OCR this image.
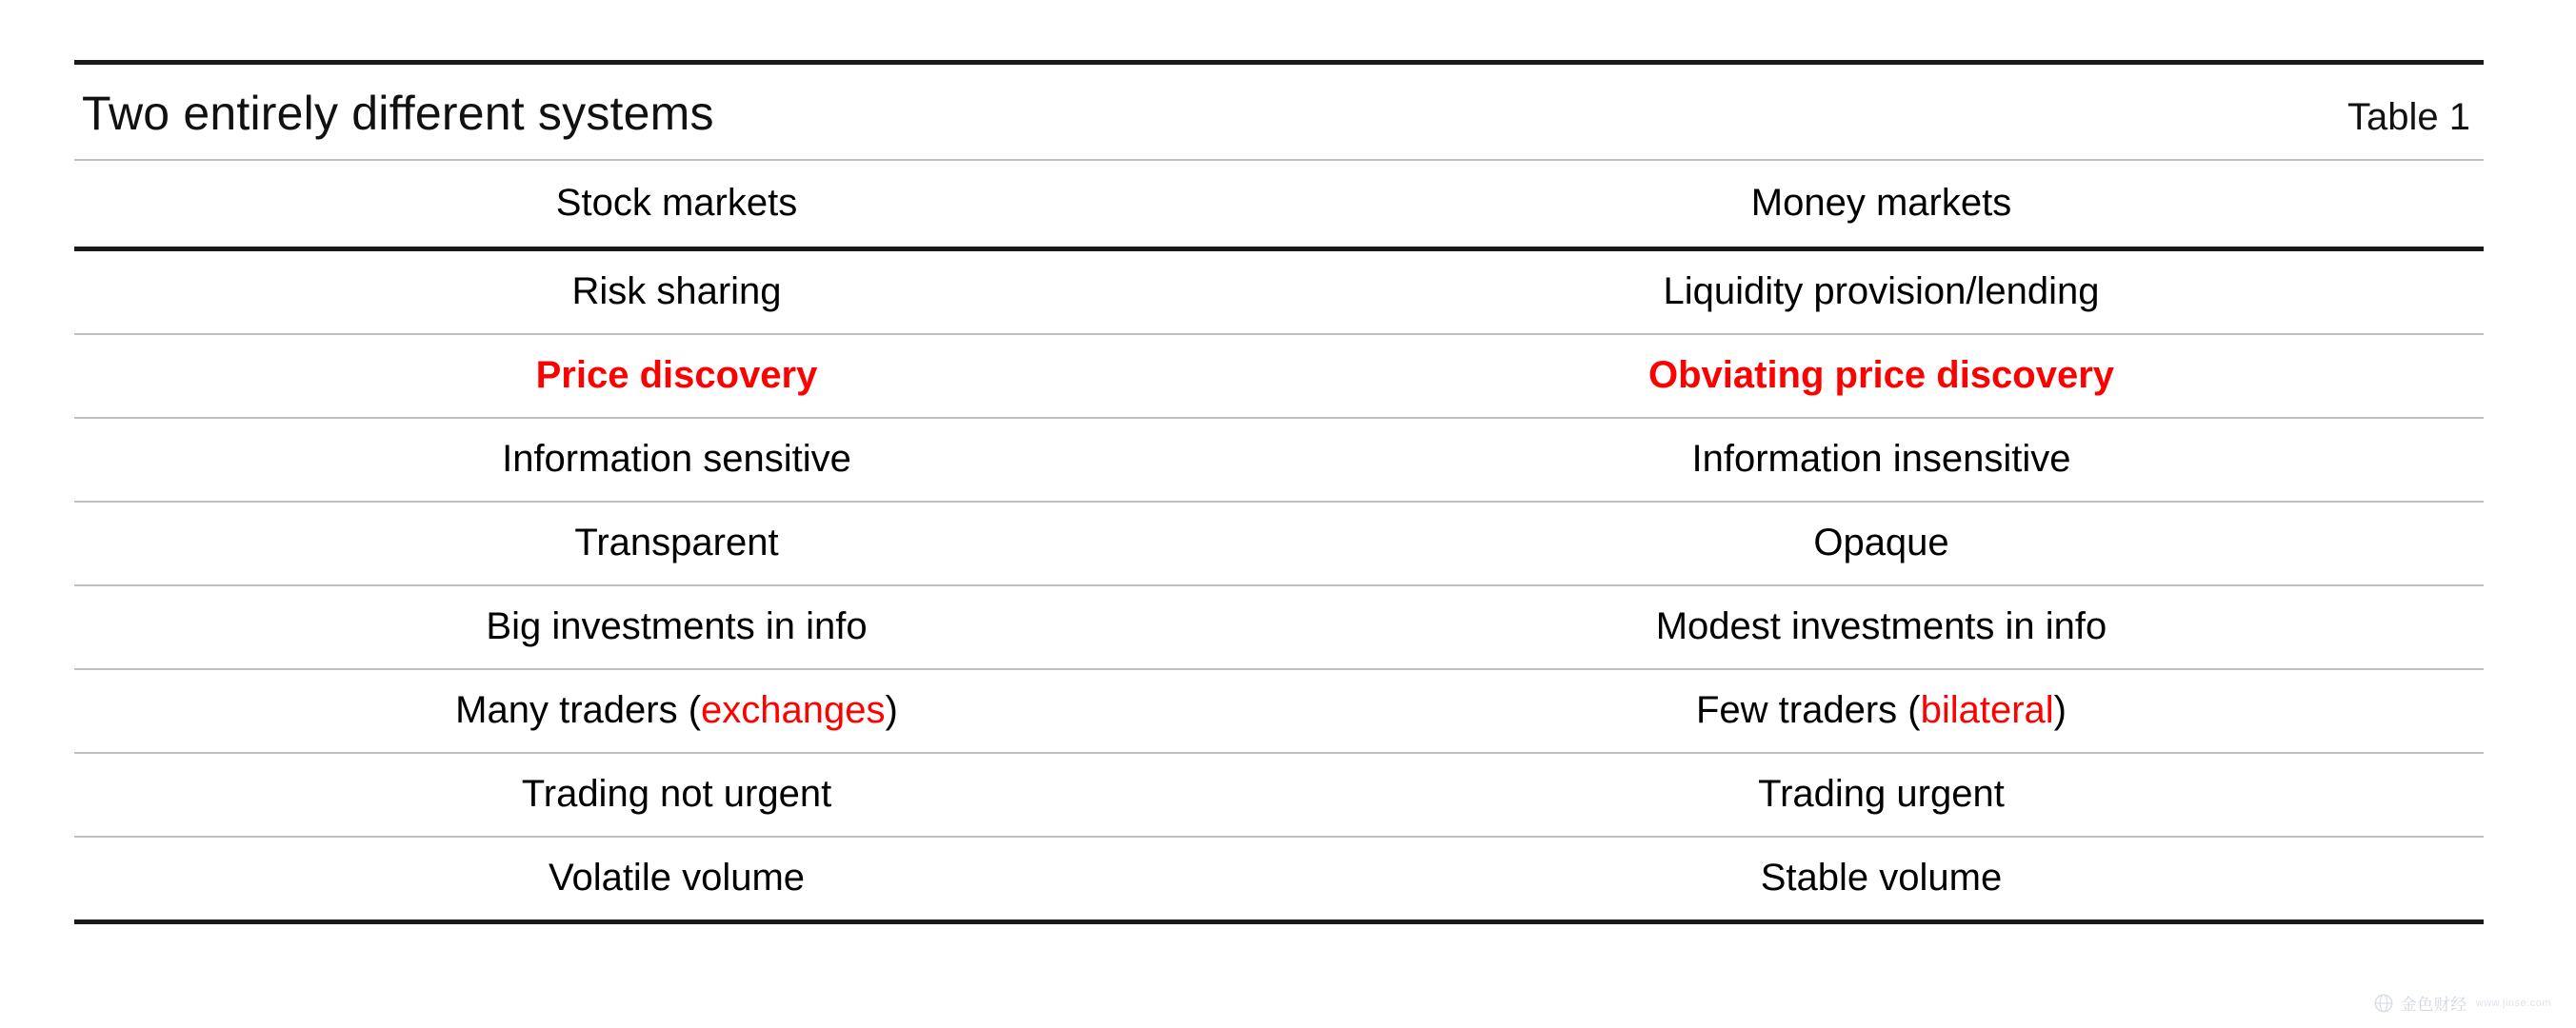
Two entirely different systems	Table 1
Stock markets	Money markets
Risk sharing	Liquidity provision/lending
Price discovery	Obviating price discovery
Information sensitive	Information insensitive
Transparent	Opaque
Big investments in info	Modest investments in info
Many traders (exchanges)	Few traders (bilateral)
Trading not urgent	Trading urgent
Volatile volume	Stable volume
金色财经 www.jinse.com
